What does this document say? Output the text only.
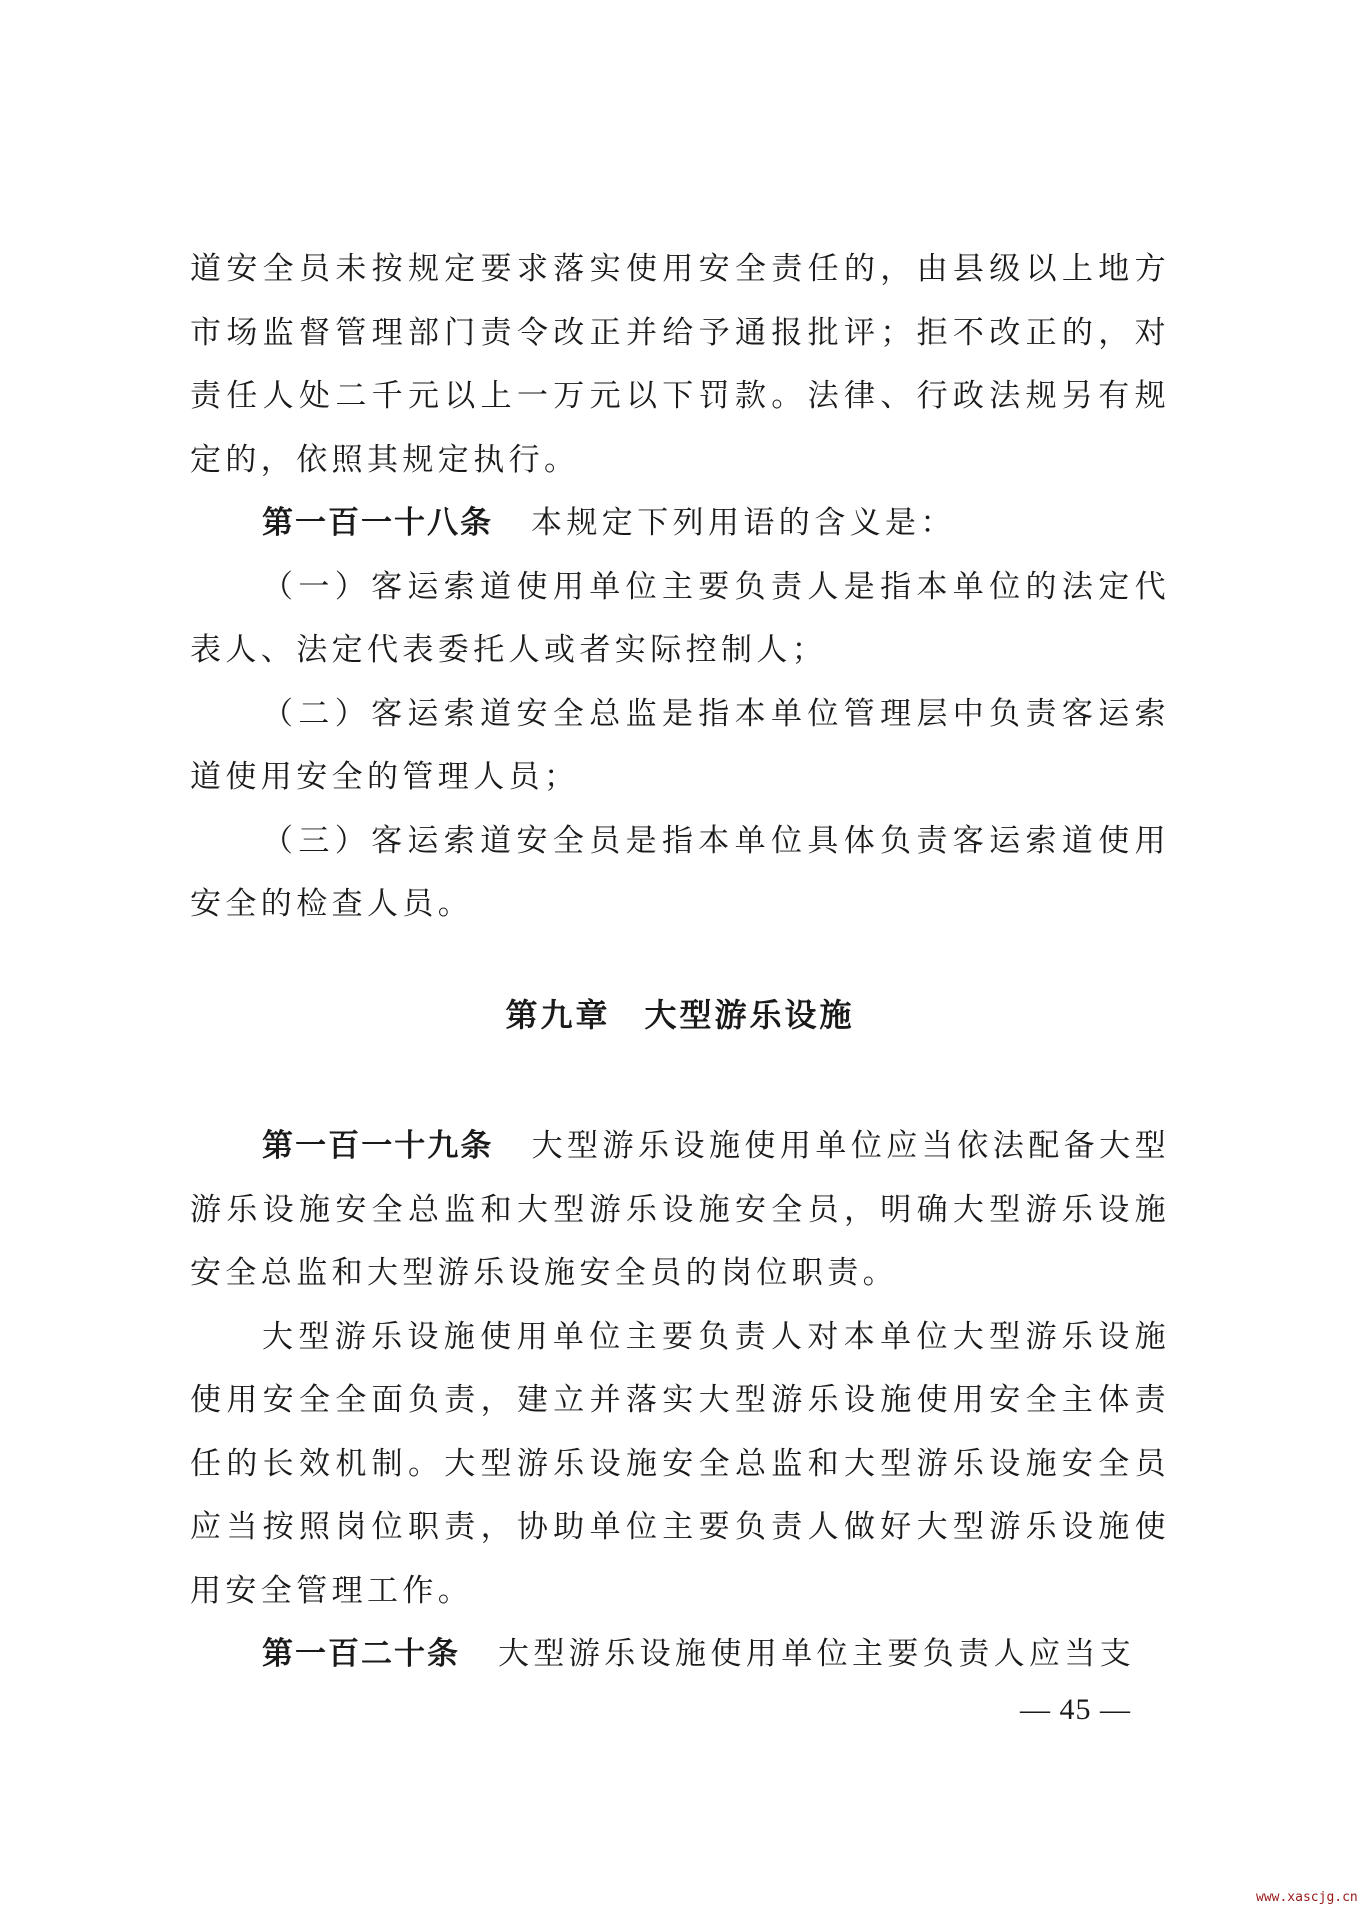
道安全员未按规定要求落实使用安全责任的，由县级以上地方市场监督管理部门责令改正并给予通报批评；拒不改正的，对责任人处二千元以上一万元以下罚款。法律、行政法规另有规定的，依照其规定执行。

第一百一十八条 本规定下列用语的含义是：

（一）客运索道使用单位主要负责人是指本单位的法定代表人、法定代表委托人或者实际控制人；

（二）客运索道安全总监是指本单位管理层中负责客运索道使用安全的管理人员；

（三）客运索道安全员是指本单位具体负责客运索道使用安全的检查人员。

第九章 大型游乐设施

第一百一十九条 大型游乐设施使用单位应当依法配备大型游乐设施安全总监和大型游乐设施安全员，明确大型游乐设施安全总监和大型游乐设施安全员的岗位职责。

大型游乐设施使用单位主要负责人对本单位大型游乐设施使用安全全面负责，建立并落实大型游乐设施使用安全主体责任的长效机制。大型游乐设施安全总监和大型游乐设施安全员应当按照岗位职责，协助单位主要负责人做好大型游乐设施使用安全管理工作。

第一百二十条 大型游乐设施使用单位主要负责人应当支

— 45 —
www.xascjg.cn
